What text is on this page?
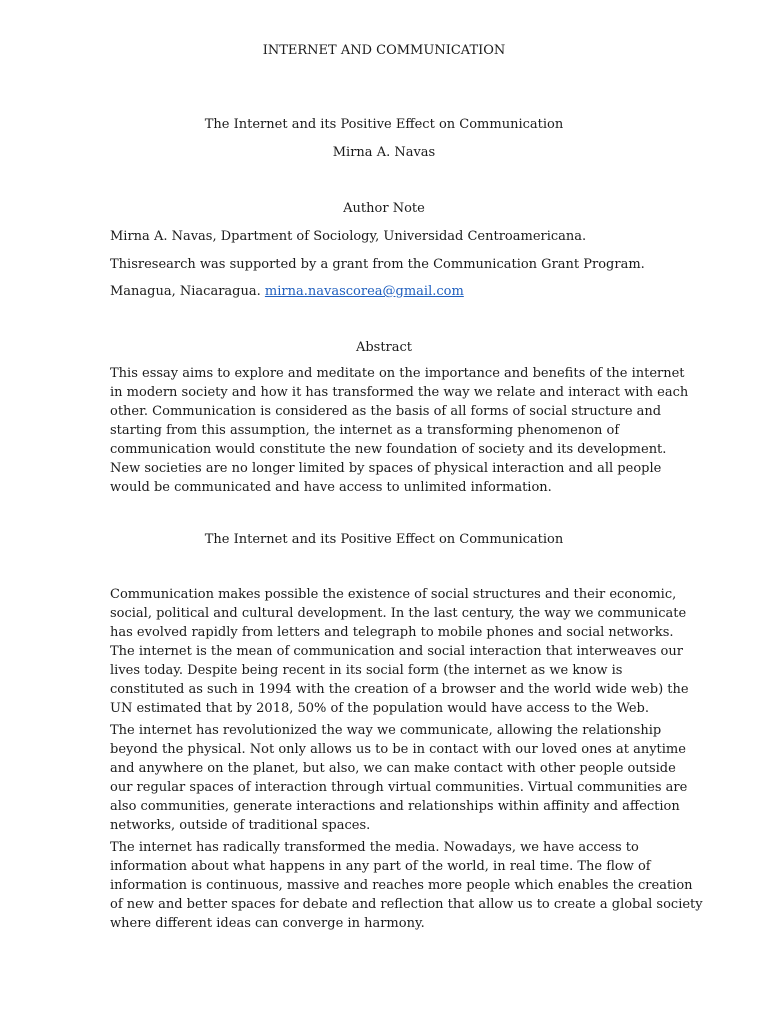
INTERNET AND COMMUNICATION
The Internet and its Positive Effect on Communication
Mirna A. Navas
Author Note
Mirna A. Navas, Dpartment of Sociology, Universidad Centroamericana.
Thisresearch was supported by a grant from the Communication Grant Program.
Managua, Niacaragua. mirna.navascorea@gmail.com
Abstract
This essay aims to explore and meditate on the importance and benefits of the internet
in modern society and how it has transformed the way we relate and interact with each
other. Communication is considered as the basis of all forms of social structure and
starting from this assumption, the internet as a transforming phenomenon of
communication would constitute the new foundation of society and its development.
New societies are no longer limited by spaces of physical interaction and all people
would be communicated and have access to unlimited information.
The Internet and its Positive Effect on Communication
Communication makes possible the existence of social structures and their economic,
social, political and cultural development. In the last century, the way we communicate
has evolved rapidly from letters and telegraph to mobile phones and social networks.
The internet is the mean of communication and social interaction that interweaves our
lives today. Despite being recent in its social form (the internet as we know is
constituted as such in 1994 with the creation of a browser and the world wide web) the
UN estimated that by 2018, 50% of the population would have access to the Web.
The internet has revolutionized the way we communicate, allowing the relationship
beyond the physical. Not only allows us to be in contact with our loved ones at anytime
and anywhere on the planet, but also, we can make contact with other people outside
our regular spaces of interaction through virtual communities. Virtual communities are
also communities, generate interactions and relationships within affinity and affection
networks, outside of traditional spaces.
The internet has radically transformed the media. Nowadays, we have access to
information about what happens in any part of the world, in real time. The flow of
information is continuous, massive and reaches more people which enables the creation
of new and better spaces for debate and reflection that allow us to create a global society
where different ideas can converge in harmony.
